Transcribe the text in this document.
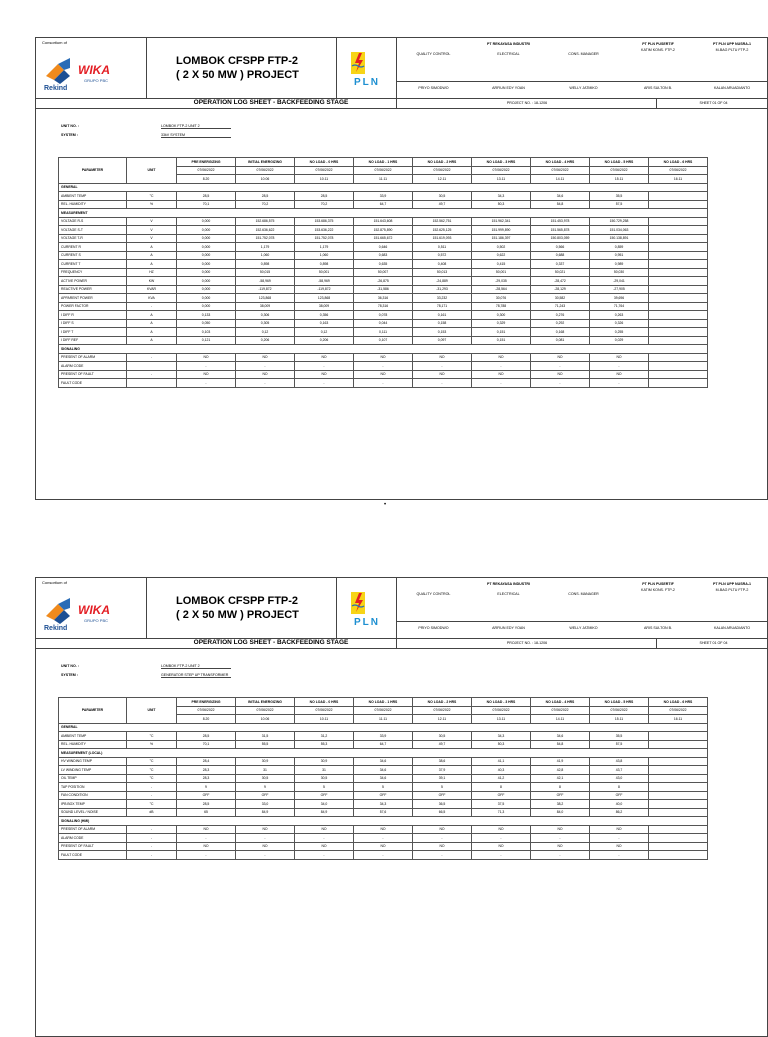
Consortium of
Rekind
WIKA
GRUPO PBC
LOMBOK CFSPP FTP-2
( 2 X 50 MW ) PROJECT
PLN
QUALITY CONTROL
PRIYO SIMODWO
PT REKAYASA INDUSTRI
ELECTRICAL
ARFIUN EDY YOAN
CONS. MANAGER
WELLY JATMIKO
PT PLN PUSERTIF
KATIM KONS. FTP-2
ARIS SULTON B.
PT PLN UPP NUSRA-1
M-BAG PLTU FTP-2
KALAN ARUADIANTO
OPERATION LOG SHEET - BACKFEEDING STAGE	PROJECT NO. : 18-1206	SHEET 01 OF 04
UNIT NO. :	LOMBOK FTP-2 UNIT 2
SYSTEM :	33kV SYSTEM
PARAMETER	UNIT	PRE ENERGIZING	INITIAL ENERGIZING	NO LOAD - 0 HRS	NO LOAD - 1 HRS	NO LOAD - 2 HRS	NO LOAD - 3 HRS	NO LOAD - 4 HRS	NO LOAD - 5 HRS	NO LOAD - 6 HRS
		07/06/2022	07/06/2022	07/06/2022	07/06/2022	07/06/2022	07/06/2022	07/06/2022	07/06/2022	07/06/2022
		8.20	10.06	10.11	11.11	12.11	13.11	14.11	15.11	16.11
GENERAL										
AMBIENT TEMP	°C	28,5	28,5	28,5	33,9	30,5	34,3	34,6	35,5	
REL. HUMIDITY	%	70,1	70,2	70,2	64,7	49,7	50,3	54,8	57,5	
MEASUREMENT										
VOLTAGE R-S	V	0,000	152.686,575	153.686,375	151.643,608	152.562,751	151.962,341	151.453,978	150.729,258	
VOLTAGE S-T	V	0,000	152.636,622	153.636,222	152.875,890	152.625,125	151.999,890	151.565,878	151.034,063	
VOLTAGE T-R	V	0,000	151.752,078	151.752,078	151.665,672	151.619,093	151.186,397	150.803,059	150.138,891	
CURRENT R	A	0,000	1,179	1,179	0,646	0,511	0,502	0,566	0,859	
CURRENT S	A	0,000	1,060	1,060	0,683	0,572	0,622	0,688	0,951	
CURRENT T	A	0,000	0,898	0,898	0,635	0,408	0,415	0,337	0,989	
FREQUENCY	HZ	0,000	50,015	50,001	50,007	50,013	50,001	50,021	50,030	
ACTIVE POWER	KW	0,000	-58,969	-58,969	-26,875	-24,889	-29,035	-28,472	-29,041	
REACTIVE POWER	KVAR	0,000	-119,872	-119,872	-31,586	-31,293	-28,564	-28,129	-27,905	
APPARENT POWER	KVA	0,000	123,868	123,868	36,316	33,232	30,076	30,582	39,696	
POWER FACTOR	-	0,000	38,009	38,009	78,316	78,171	78,788	71,243	71,764	
I DIFF R	A	0,133	0,306	0,356	0,078	0,161	0,300	0,276	0,263	
I DIFF S	A	0,050	0,305	0,163	0,044	0,158	0,329	0,292	0,326	
I DIFF T	A	0,103	0,12	0,12	0,111	0,153	0,151	0,168	0,255	
I DIFF REF	A	0,121	0,206	0,206	0,107	0,097	0,151	0,081	0,029	
SIGNALING										
PRESENT OF ALARM	-	NO	NO	NO	NO	NO	NO	NO	NO	
ALARM CODE		-	-	-	-	-	-	-	-	
PRESENT OF FAULT	-	NO	NO	NO	NO	NO	NO	NO	NO	
FAULT CODE		-	-	-	-	-	-	-	-	
•
Consortium of
Rekind
WIKA
GRUPO PBC
LOMBOK CFSPP FTP-2
( 2 X 50 MW ) PROJECT
PLN
QUALITY CONTROL
PRIYO SIMODWO
PT REKAYASA INDUSTRI
ELECTRICAL
ARFIUN EDY YOAN
CONS. MANAGER
WELLY JATMIKO
PT PLN PUSERTIF
KATIM KONS. FTP-2
ARIS SULTON B.
PT PLN UPP NUSRA-1
M-BAG PLTU FTP-2
KALAN ARUADIANTO
OPERATION LOG SHEET - BACKFEEDING STAGE	PROJECT NO. : 18-1206	SHEET 01 OF 04
UNIT NO. :	LOMBOK FTP-2 UNIT 2
SYSTEM :	GENERATOR STEP UP TRANSFORMER
PARAMETER	UNIT	PRE ENERGIZING	INITIAL ENERGIZING	NO LOAD - 0 HRS	NO LOAD - 1 HRS	NO LOAD - 2 HRS	NO LOAD - 3 HRS	NO LOAD - 4 HRS	NO LOAD - 5 HRS	NO LOAD - 6 HRS
		07/06/2022	07/06/2022	07/06/2022	07/06/2022	07/06/2022	07/06/2022	07/06/2022	07/06/2022	07/06/2022
		8.20	10.06	10.11	11.11	12.11	13.11	14.11	15.11	16.11
GENERAL										
AMBIENT TEMP	°C	28,5	31,5	31,2	33,9	30,5	34,3	34,6	35,5	
REL. HUMIDITY	%	70,1	55,5	55,3	64,7	49,7	50,3	54,8	57,5	
MEASUREMENT (LOCAL)										
HV WINDING TEMP	°C	28,4	30,9	30,9	34,6	38,6	41,1	41,9	43,8	
LV WINDING TEMP	°C	28,3	31	31	34,6	37,9	40,3	42,8	43,7	
OIL TEMP	°C	28,3	30,5	30,5	34,6	39,1	41,2	42,1	43,0	
TAP POSITION	-	9	9	5	5	5	8	8	8	
FAN CONDITION	-	OFF	OFF	OFF	OFF	OFF	OFF	OFF	OFF	
IPB BOX TEMP	°C	28,5	33,0	34,0	34,3	36,5	37,5	38,2	40,0	
SOUND LEVEL / NOISE	dB	65	84,9	84,9	57,6	66,5	71,3	84,0	86,2	
SIGNALING (HMI)										
PRESENT OF ALARM	-	NO	NO	NO	NO	NO	NO	NO	NO	
ALARM CODE	-	-	-	-	-	-	-	-	-	
PRESENT OF FAULT	-	NO	NO	NO	NO	NO	NO	NO	NO	
FAULT CODE	-	-	-	-	-	-	-	-	-	
